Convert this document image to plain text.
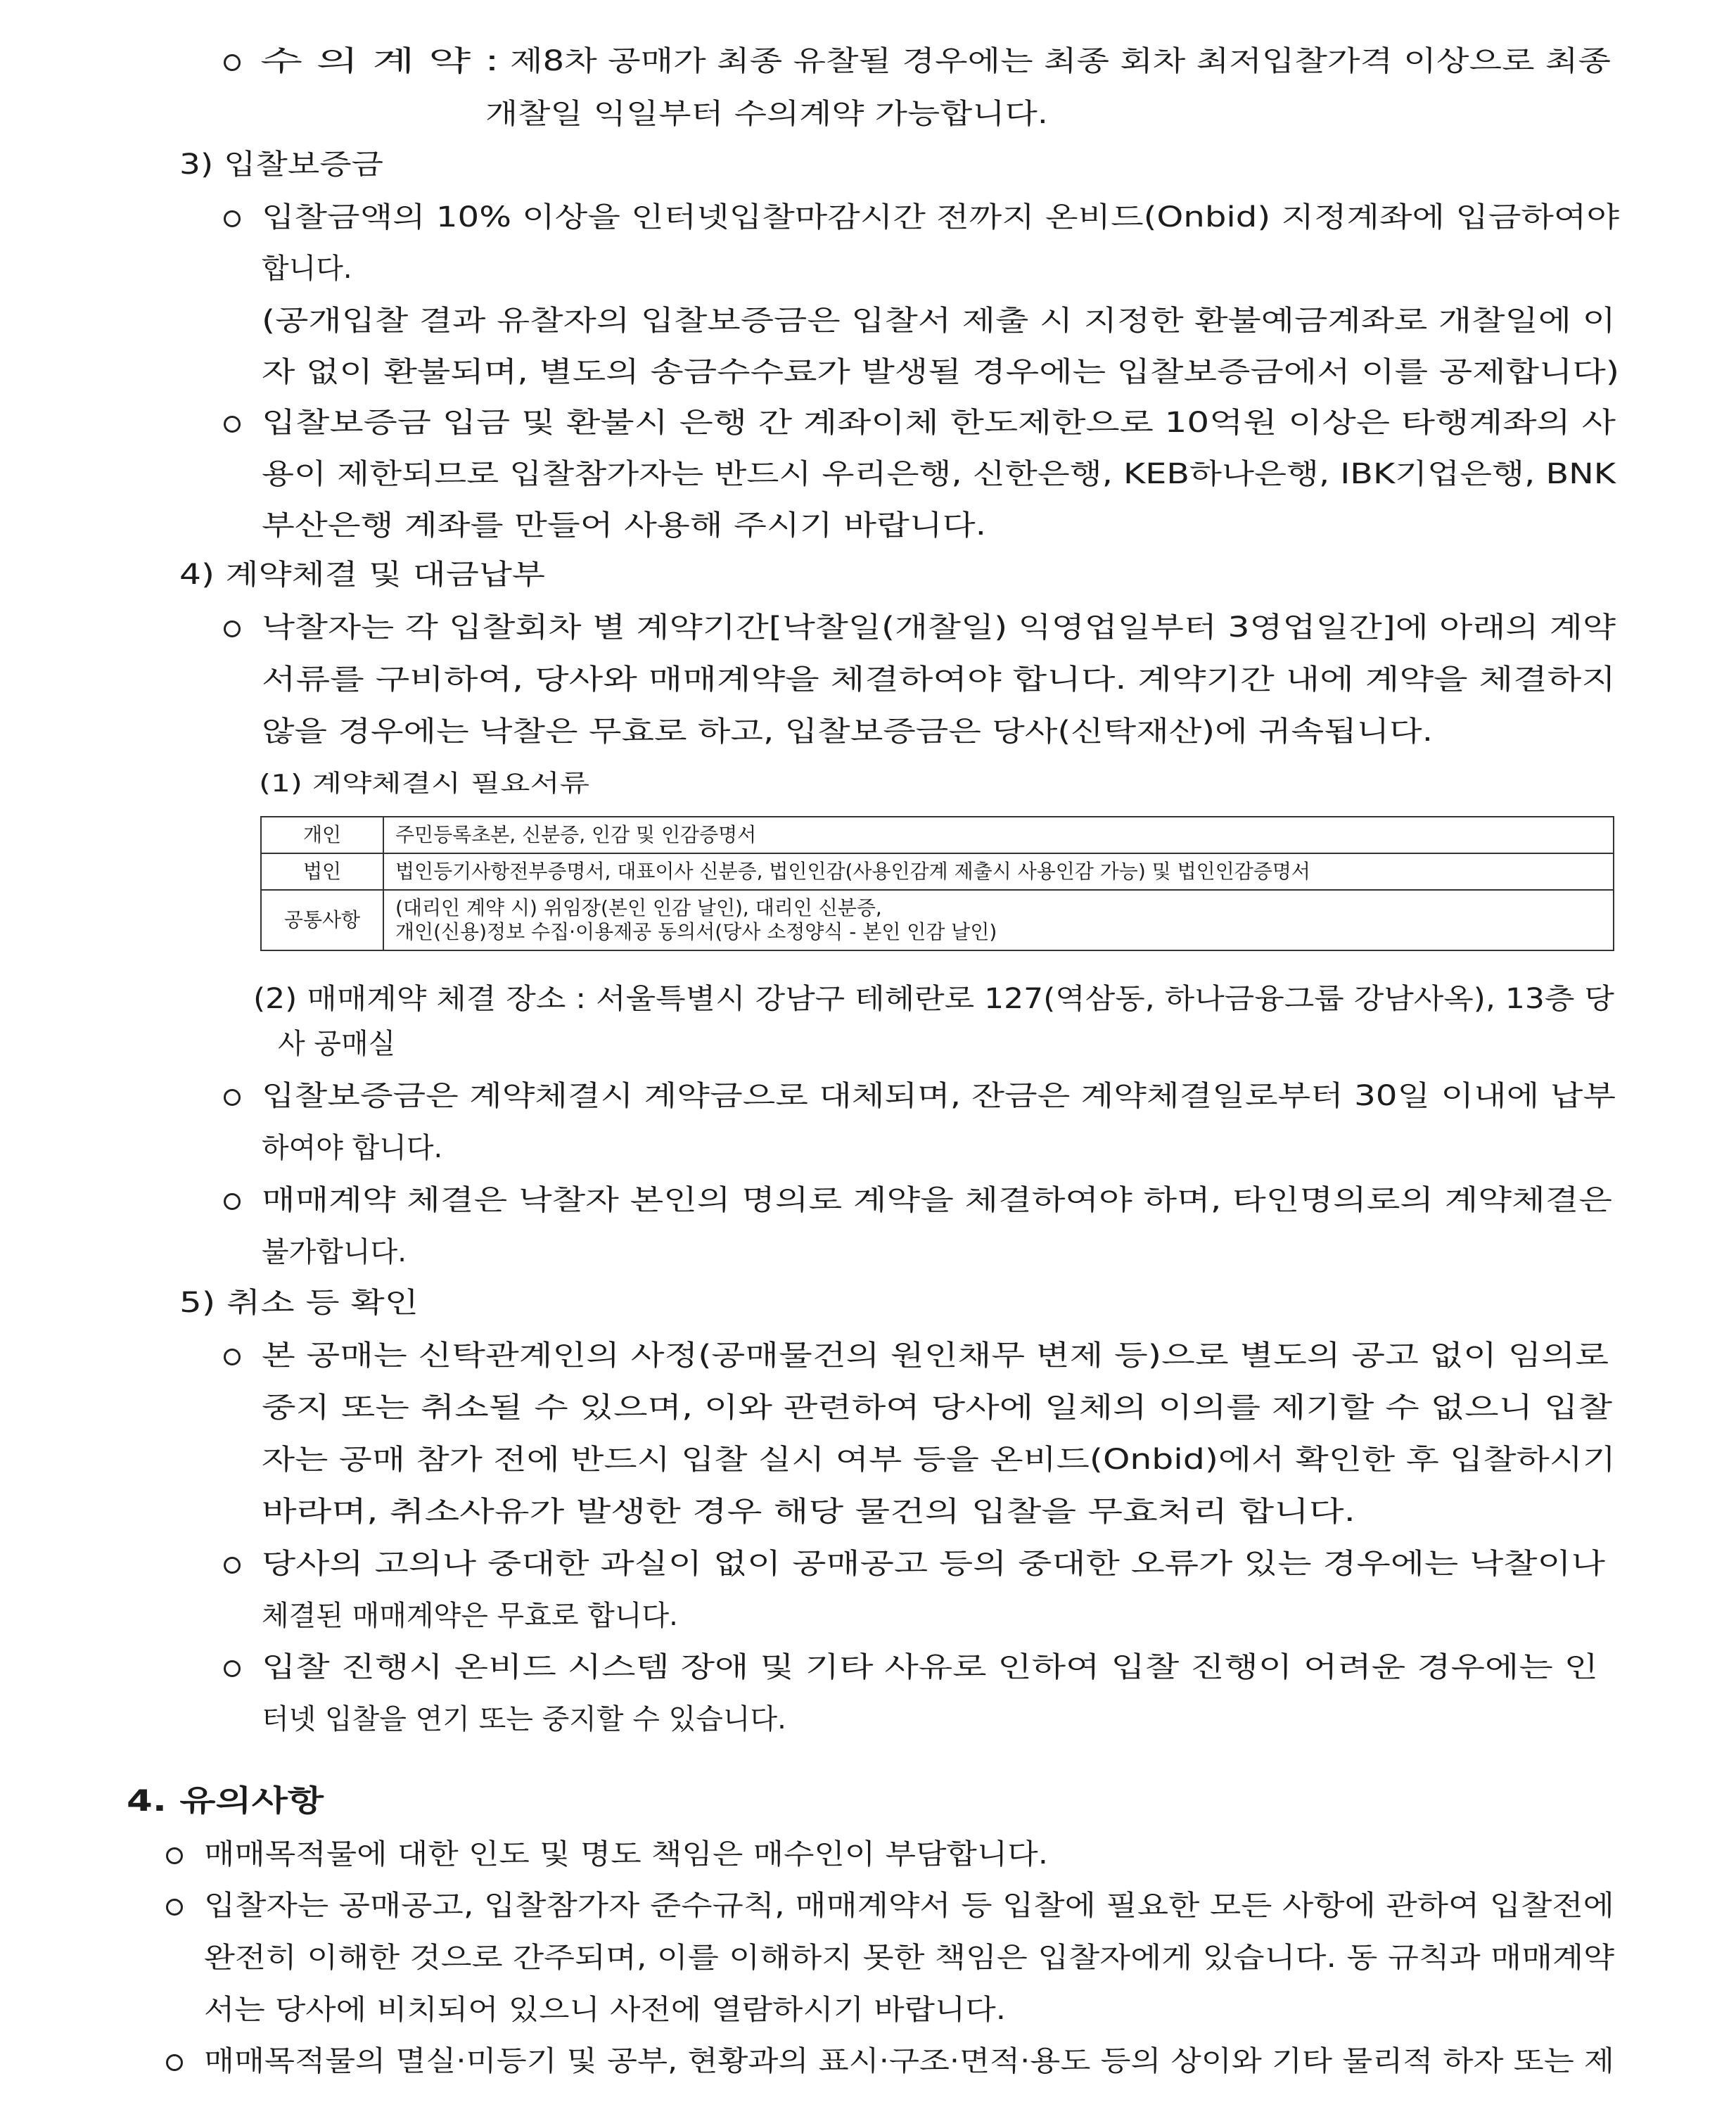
수 의 계 약 : 제8차 공매가 최종 유찰될 경우에는 최종 회차 최저입찰가격 이상으로 최종
개찰일 익일부터 수의계약 가능합니다.
3) 입찰보증금
입찰금액의 10% 이상을 인터넷입찰마감시간 전까지 온비드(Onbid) 지정계좌에 입금하여야
합니다.
(공개입찰 결과 유찰자의 입찰보증금은 입찰서 제출 시 지정한 환불예금계좌로 개찰일에 이
자 없이 환불되며, 별도의 송금수수료가 발생될 경우에는 입찰보증금에서 이를 공제합니다)
입찰보증금 입금 및 환불시 은행 간 계좌이체 한도제한으로 10억원 이상은 타행계좌의 사
용이 제한되므로 입찰참가자는 반드시 우리은행, 신한은행, KEB하나은행, IBK기업은행, BNK
부산은행 계좌를 만들어 사용해 주시기 바랍니다.
4) 계약체결 및 대금납부
낙찰자는 각 입찰회차 별 계약기간[낙찰일(개찰일) 익영업일부터 3영업일간]에 아래의 계약
서류를 구비하여, 당사와 매매계약을 체결하여야 합니다. 계약기간 내에 계약을 체결하지
않을 경우에는 낙찰은 무효로 하고, 입찰보증금은 당사(신탁재산)에 귀속됩니다.
(1) 계약체결시 필요서류
개인	주민등록초본, 신분증, 인감 및 인감증명서
법인	법인등기사항전부증명서, 대표이사 신분증, 법인인감(사용인감계 제출시 사용인감 가능) 및 법인인감증명서
공통사항	(대리인 계약 시) 위임장(본인 인감 날인), 대리인 신분증,
개인(신용)정보 수집·이용제공 동의서(당사 소정양식 - 본인 인감 날인)
(2) 매매계약 체결 장소 : 서울특별시 강남구 테헤란로 127(역삼동, 하나금융그룹 강남사옥), 13층 당
사 공매실
입찰보증금은 계약체결시 계약금으로 대체되며, 잔금은 계약체결일로부터 30일 이내에 납부
하여야 합니다.
매매계약 체결은 낙찰자 본인의 명의로 계약을 체결하여야 하며, 타인명의로의 계약체결은
불가합니다.
5) 취소 등 확인
본 공매는 신탁관계인의 사정(공매물건의 원인채무 변제 등)으로 별도의 공고 없이 임의로
중지 또는 취소될 수 있으며, 이와 관련하여 당사에 일체의 이의를 제기할 수 없으니 입찰
자는 공매 참가 전에 반드시 입찰 실시 여부 등을 온비드(Onbid)에서 확인한 후 입찰하시기
바라며, 취소사유가 발생한 경우 해당 물건의 입찰을 무효처리 합니다.
당사의 고의나 중대한 과실이 없이 공매공고 등의 중대한 오류가 있는 경우에는 낙찰이나
체결된 매매계약은 무효로 합니다.
입찰 진행시 온비드 시스템 장애 및 기타 사유로 인하여 입찰 진행이 어려운 경우에는 인
터넷 입찰을 연기 또는 중지할 수 있습니다.
4. 유의사항
매매목적물에 대한 인도 및 명도 책임은 매수인이 부담합니다.
입찰자는 공매공고, 입찰참가자 준수규칙, 매매계약서 등 입찰에 필요한 모든 사항에 관하여 입찰전에
완전히 이해한 것으로 간주되며, 이를 이해하지 못한 책임은 입찰자에게 있습니다. 동 규칙과 매매계약
서는 당사에 비치되어 있으니 사전에 열람하시기 바랍니다.
매매목적물의 멸실·미등기 및 공부, 현황과의 표시·구조·면적·용도 등의 상이와 기타 물리적 하자 또는 제
